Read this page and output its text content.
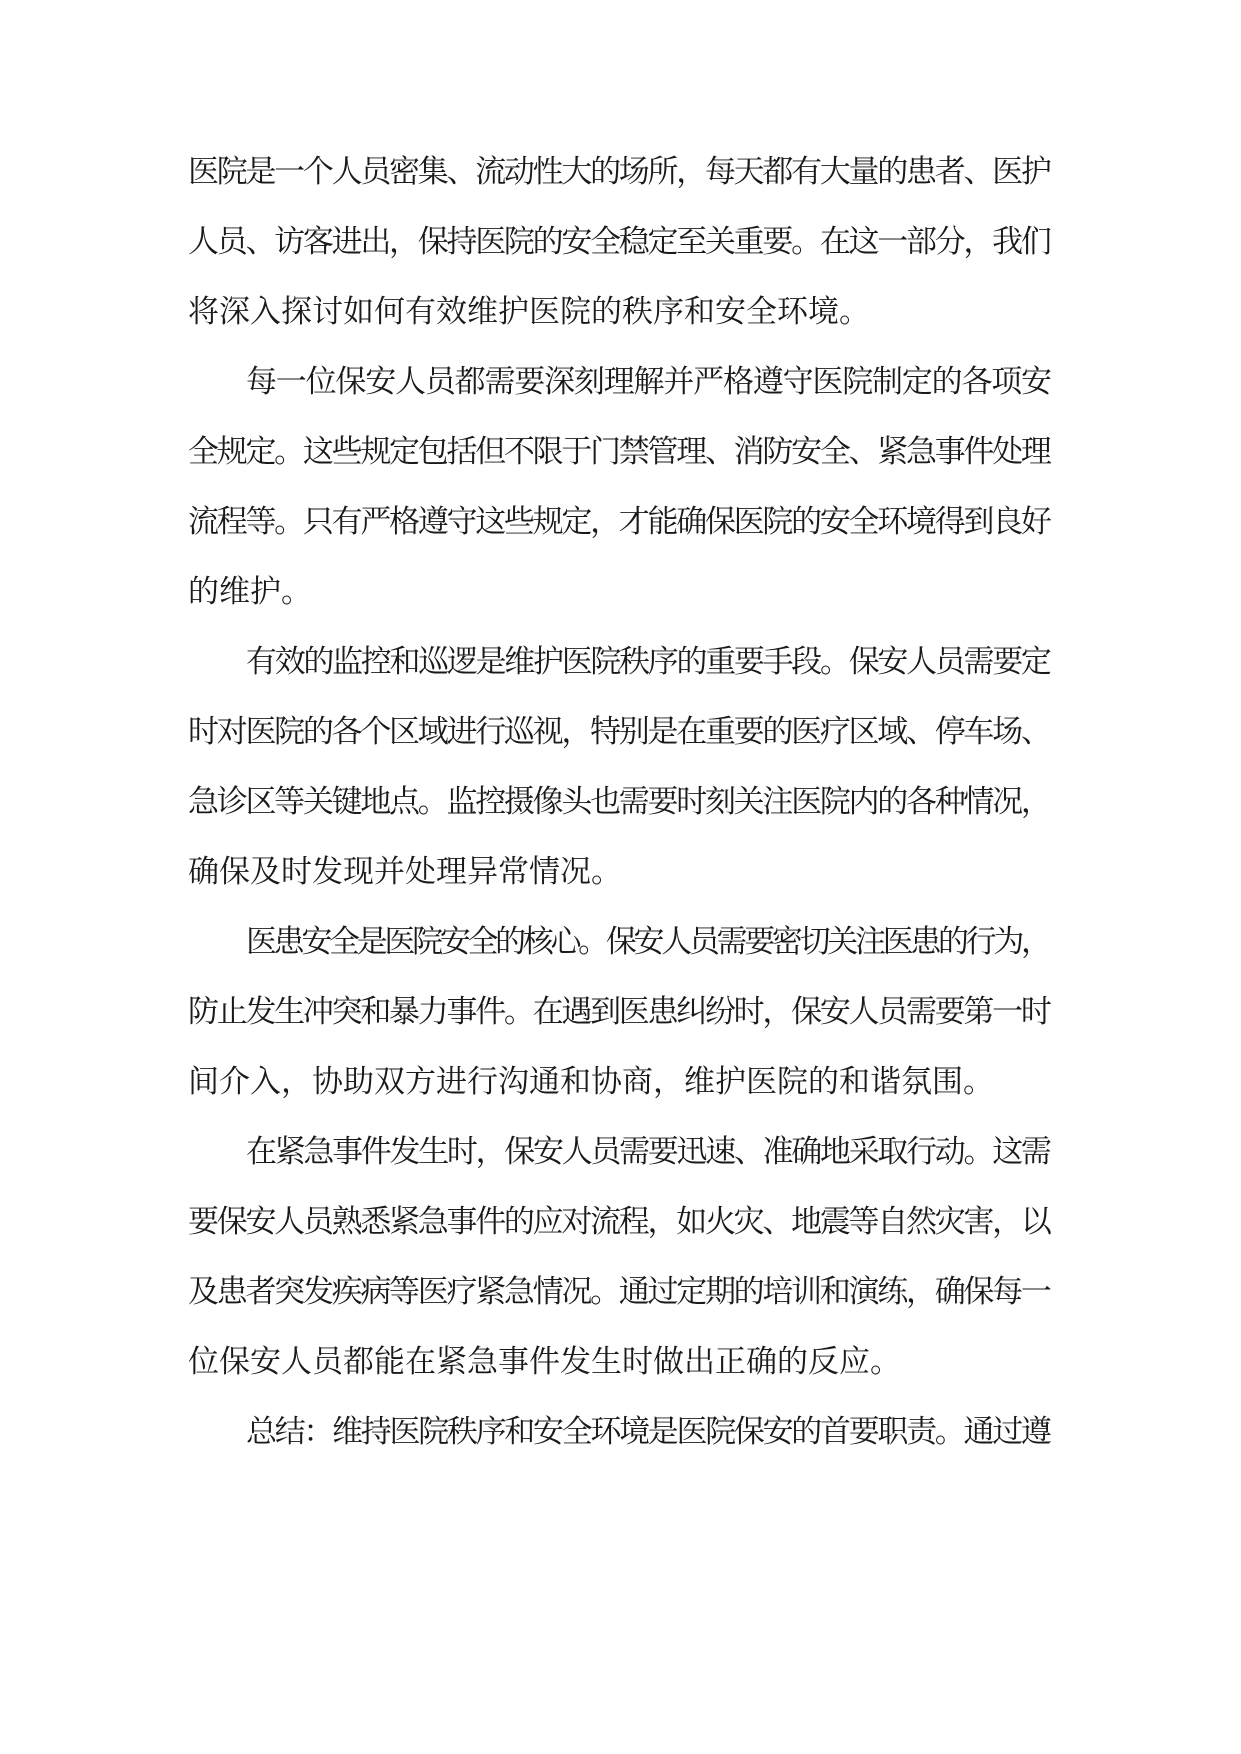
医院是一个人员密集、流动性大的场所，每天都有大量的患者、医护
人员、访客进出，保持医院的安全稳定至关重要。在这一部分，我们
将深入探讨如何有效维护医院的秩序和安全环境。
每一位保安人员都需要深刻理解并严格遵守医院制定的各项安
全规定。这些规定包括但不限于门禁管理、消防安全、紧急事件处理
流程等。只有严格遵守这些规定，才能确保医院的安全环境得到良好
的维护。
有效的监控和巡逻是维护医院秩序的重要手段。保安人员需要定
时对医院的各个区域进行巡视，特别是在重要的医疗区域、停车场、
急诊区等关键地点。监控摄像头也需要时刻关注医院内的各种情况，
确保及时发现并处理异常情况。
医患安全是医院安全的核心。保安人员需要密切关注医患的行为，
防止发生冲突和暴力事件。在遇到医患纠纷时，保安人员需要第一时
间介入，协助双方进行沟通和协商，维护医院的和谐氛围。
在紧急事件发生时，保安人员需要迅速、准确地采取行动。这需
要保安人员熟悉紧急事件的应对流程，如火灾、地震等自然灾害，以
及患者突发疾病等医疗紧急情况。通过定期的培训和演练，确保每一
位保安人员都能在紧急事件发生时做出正确的反应。
总结：维持医院秩序和安全环境是医院保安的首要职责。通过遵
